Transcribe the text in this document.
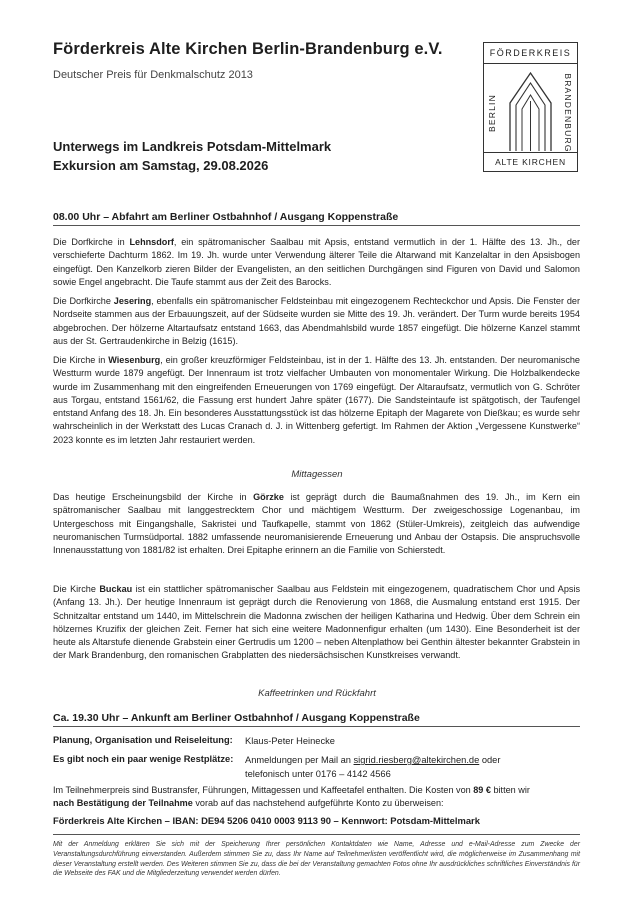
Förderkreis Alte Kirchen Berlin-Brandenburg e.V.
Deutscher Preis für Denkmalschutz 2013
FÖRDERKREIS
BERLIN	BRANDENBURG
ALTE KIRCHEN
Unterwegs im Landkreis Potsdam-Mittelmark
Exkursion am Samstag, 29.08.2026
08.00 Uhr – Abfahrt am Berliner Ostbahnhof / Ausgang Koppenstraße
Die Dorfkirche in Lehnsdorf, ein spätromanischer Saalbau mit Apsis, entstand vermutlich in der 1. Hälfte des 13. Jh., der verschieferte Dachturm 1862. Im 19. Jh. wurde unter Verwendung älterer Teile die Altarwand mit Kanzelaltar in den Apsisbogen eingefügt. Den Kanzelkorb zieren Bilder der Evangelisten, an den seitlichen Durchgängen sind Figuren von David und Salomon sowie Engel angebracht. Die Taufe stammt aus der Zeit des Barocks.
Die Dorfkirche Jesering, ebenfalls ein spätromanischer Feldsteinbau mit eingezogenem Rechteckchor und Apsis. Die Fenster der Nordseite stammen aus der Erbauungszeit, auf der Südseite wurden sie Mitte des 19. Jh. verändert. Der Turm wurde bereits 1954 abgebrochen. Der hölzerne Altartaufsatz entstand 1663, das Abendmahlsbild wurde 1857 eingefügt. Die hölzerne Kanzel stammt aus der St. Gertraudenkirche in Belzig (1615).
Die Kirche in Wiesenburg, ein großer kreuzförmiger Feldsteinbau, ist in der 1. Hälfte des 13. Jh. entstanden. Der neuromanische Westturm wurde 1879 angefügt. Der Innenraum ist trotz vielfacher Umbauten von monomentaler Wirkung. Die Holzbalkendecke wurde im Zusammenhang mit den eingreifenden Erneuerungen von 1769 eingefügt. Der Altaraufsatz, vermutlich von G. Schröter aus Torgau, entstand 1561/62, die Fassung erst hundert Jahre später (1677). Die Sandsteintaufe ist spätgotisch, der Taufengel entstand Anfang des 18. Jh. Ein besonderes Ausstattungsstück ist das hölzerne Epitaph der Magarete von Dießkau; es wurde sehr wahrscheinlich in der Werkstatt des Lucas Cranach d. J. in Wittenberg gefertigt. Im Rahmen der Aktion „Vergessene Kunstwerke“ 2023 konnte es im letzten Jahr restauriert werden.
Mittagessen
Das heutige Erscheinungsbild der Kirche in Görzke ist geprägt durch die Baumaßnahmen des 19. Jh., im Kern ein spätromanischer Saalbau mit langgestrecktem Chor und mächtigem Westturm. Der zweigeschossige Logenanbau, im Untergeschoss mit Eingangshalle, Sakristei und Taufkapelle, stammt von 1862 (Stüler-Umkreis), zeitgleich das aufwendige neuromanischen Turmsüdportal. 1882 umfassende neuromanisierende Erneuerung und Anbau der Ostapsis. Die anspruchsvolle Innenausstattung von 1881/82 ist erhalten. Drei Epitaphe erinnern an die Familie von Schierstedt.
Die Kirche Buckau ist ein stattlicher spätromanischer Saalbau aus Feldstein mit eingezogenem, quadratischem Chor und Apsis (Anfang 13. Jh.). Der heutige Innenraum ist geprägt durch die Renovierung von 1868, die Ausmalung entstand erst 1915. Der Schnitzaltar entstand um 1440, im Mittelschrein die Madonna zwischen der heiligen Katharina und Hedwig. Über dem Schrein ein hölzernes Kruzifix der gleichen Zeit. Ferner hat sich eine weitere Madonnenfigur erhalten (um 1430). Eine Besonderheit ist der heute als Altarstufe dienende Grabstein einer Gertrudis um 1200 – neben Altenplathow bei Genthin ältester bekannter Grabstein in der Mark Brandenburg, den romanischen Grabplatten des niedersächsischen Kunstkreises verwandt.
Kaffeetrinken und Rückfahrt
Ca. 19.30 Uhr – Ankunft am Berliner Ostbahnhof / Ausgang Koppenstraße
Planung, Organisation und Reiseleitung: Klaus-Peter Heinecke
Es gibt noch ein paar wenige Restplätze: Anmeldungen per Mail an sigrid.riesberg@altekirchen.de oder
telefonisch unter 0176 – 4142 4566
Im Teilnehmerpreis sind Bustransfer, Führungen, Mittagessen und Kaffeetafel enthalten. Die Kosten von 89 € bitten wir
nach Bestätigung der Teilnahme vorab auf das nachstehend aufgeführte Konto zu überweisen:
Förderkreis Alte Kirchen – IBAN: DE94 5206 0410 0003 9113 90 – Kennwort: Potsdam-Mittelmark
Mit der Anmeldung erklären Sie sich mit der Speicherung Ihrer persönlichen Kontaktdaten wie Name, Adresse und e-Mail-Adresse zum Zwecke der Veranstaltungsdurchführung einverstanden. Außerdem stimmen Sie zu, dass Ihr Name auf Teilnehmerlisten veröffentlicht wird, die möglicherweise im Zusammenhang mit dieser Veranstaltung erstellt werden. Des Weiteren stimmen Sie zu, dass die bei der Veranstaltung gemachten Fotos ohne Ihr ausdrückliches schriftliches Einverständnis für die Webseite des FAK und die Mitgliederzeitung verwendet werden dürfen.
